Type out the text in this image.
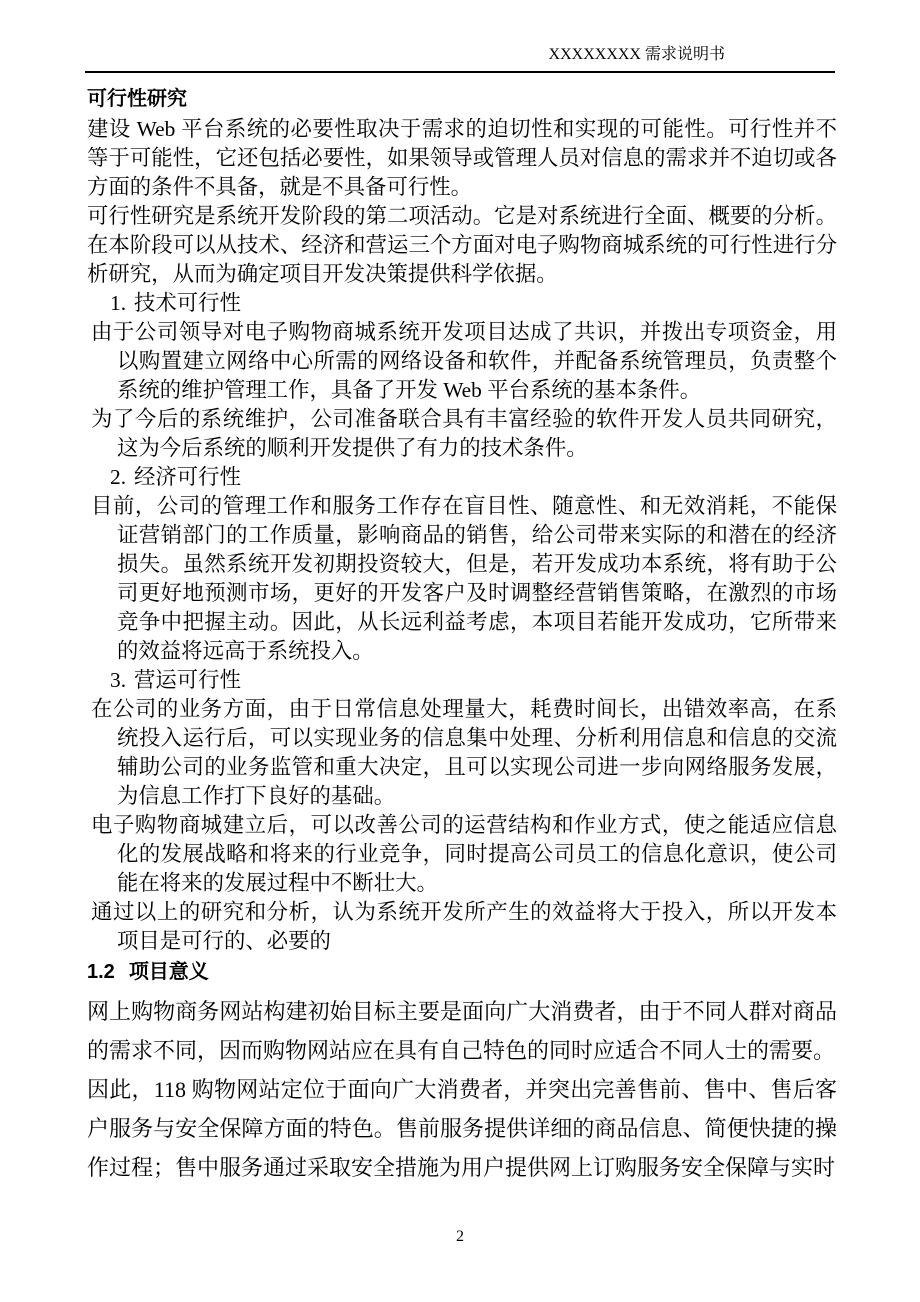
XXXXXXXX 需求说明书
可行性研究

建设 Web 平台系统的必要性取决于需求的迫切性和实现的可能性。可行性并不等于可能性，它还包括必要性，如果领导或管理人员对信息的需求并不迫切或各方面的条件不具备，就是不具备可行性。

可行性研究是系统开发阶段的第二项活动。它是对系统进行全面、概要的分析。在本阶段可以从技术、经济和营运三个方面对电子购物商城系统的可行性进行分析研究，从而为确定项目开发决策提供科学依据。

1. 技术可行性

由于公司领导对电子购物商城系统开发项目达成了共识，并拨出专项资金，用以购置建立网络中心所需的网络设备和软件，并配备系统管理员，负责整个系统的维护管理工作，具备了开发 Web 平台系统的基本条件。

为了今后的系统维护，公司准备联合具有丰富经验的软件开发人员共同研究，这为今后系统的顺利开发提供了有力的技术条件。

2. 经济可行性

目前，公司的管理工作和服务工作存在盲目性、随意性、和无效消耗，不能保证营销部门的工作质量，影响商品的销售，给公司带来实际的和潜在的经济损失。虽然系统开发初期投资较大，但是，若开发成功本系统，将有助于公司更好地预测市场，更好的开发客户及时调整经营销售策略，在激烈的市场竞争中把握主动。因此，从长远利益考虑，本项目若能开发成功，它所带来的效益将远高于系统投入。

3. 营运可行性

在公司的业务方面，由于日常信息处理量大，耗费时间长，出错效率高，在系统投入运行后，可以实现业务的信息集中处理、分析利用信息和信息的交流辅助公司的业务监管和重大决定，且可以实现公司进一步向网络服务发展，为信息工作打下良好的基础。

电子购物商城建立后，可以改善公司的运营结构和作业方式，使之能适应信息化的发展战略和将来的行业竞争，同时提高公司员工的信息化意识，使公司能在将来的发展过程中不断壮大。

通过以上的研究和分析，认为系统开发所产生的效益将大于投入，所以开发本项目是可行的、必要的

1.2 项目意义

网上购物商务网站构建初始目标主要是面向广大消费者，由于不同人群对商品的需求不同，因而购物网站应在具有自己特色的同时应适合不同人士的需要。

因此，118 购物网站定位于面向广大消费者，并突出完善售前、售中、售后客户服务与安全保障方面的特色。售前服务提供详细的商品信息、简便快捷的操作过程；售中服务通过采取安全措施为用户提供网上订购服务安全保障与实时

2
